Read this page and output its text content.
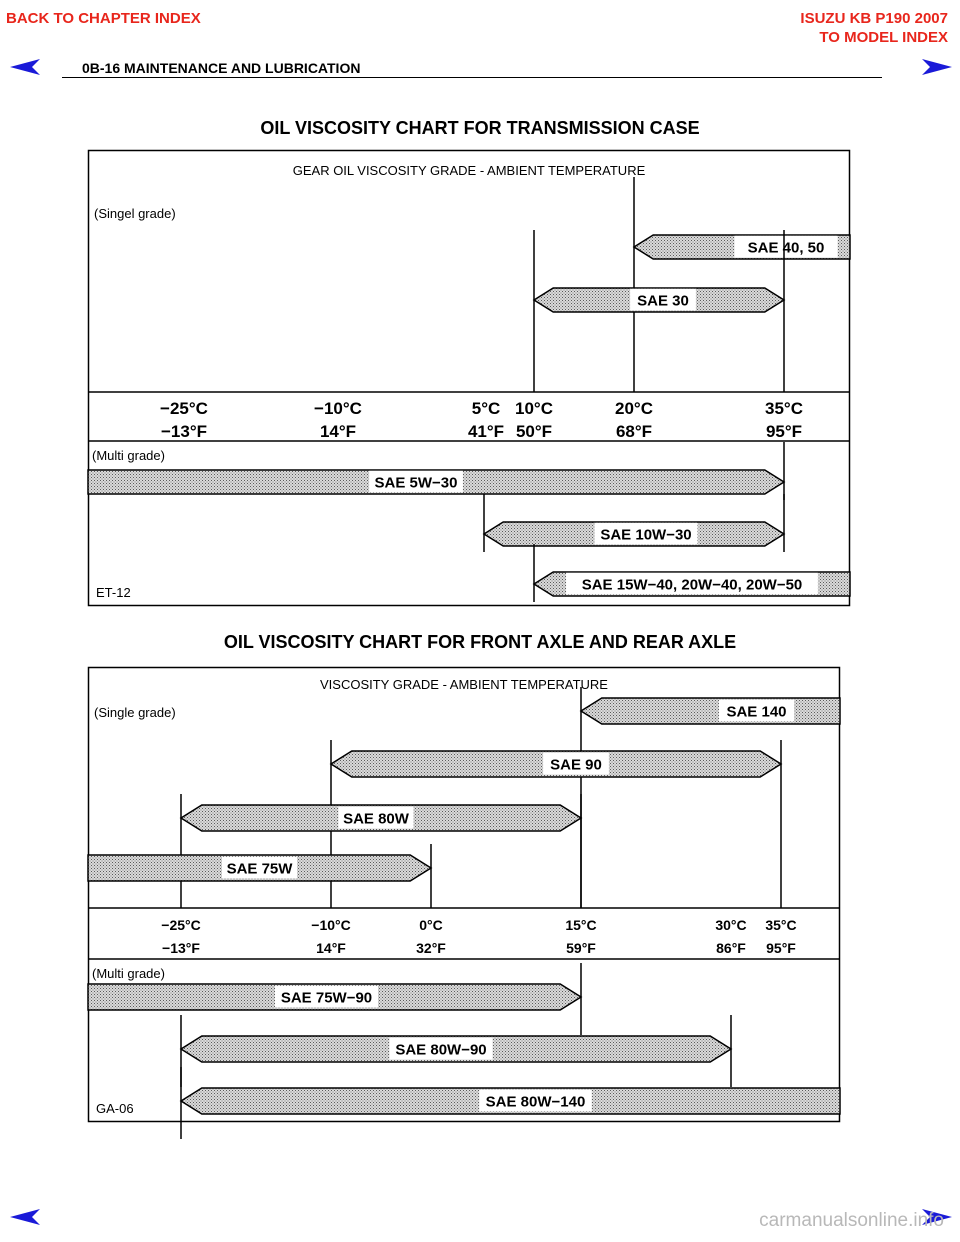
BACK TO CHAPTER INDEX	ISUZU KB P190 2007
TO MODEL INDEX
0B-16 MAINTENANCE AND LUBRICATION
OIL VISCOSITY CHART FOR TRANSMISSION CASE
OIL VISCOSITY CHART FOR FRONT AXLE AND REAR AXLE
GEAR OIL VISCOSITY GRADE - AMBIENT TEMPERATURE
(Singel grade)
(Multi grade)
ET-12
−25°C
−13°F
−10°C
14°F
5°C
41°F
10°C
50°F
20°C
68°F
35°C
95°F
SAE 40, 50
SAE 30
SAE 5W−30
SAE 10W−30
SAE 15W−40, 20W−40, 20W−50
VISCOSITY GRADE - AMBIENT TEMPERATURE
(Single grade)
(Multi grade)
GA-06
−25°C
−13°F
−10°C
14°F
0°C
32°F
15°C
59°F
30°C
86°F
35°C
95°F
SAE 140
SAE 90
SAE 80W
SAE 75W
SAE 75W−90
SAE 80W−90
SAE 80W−140
carmanualsonline.info
